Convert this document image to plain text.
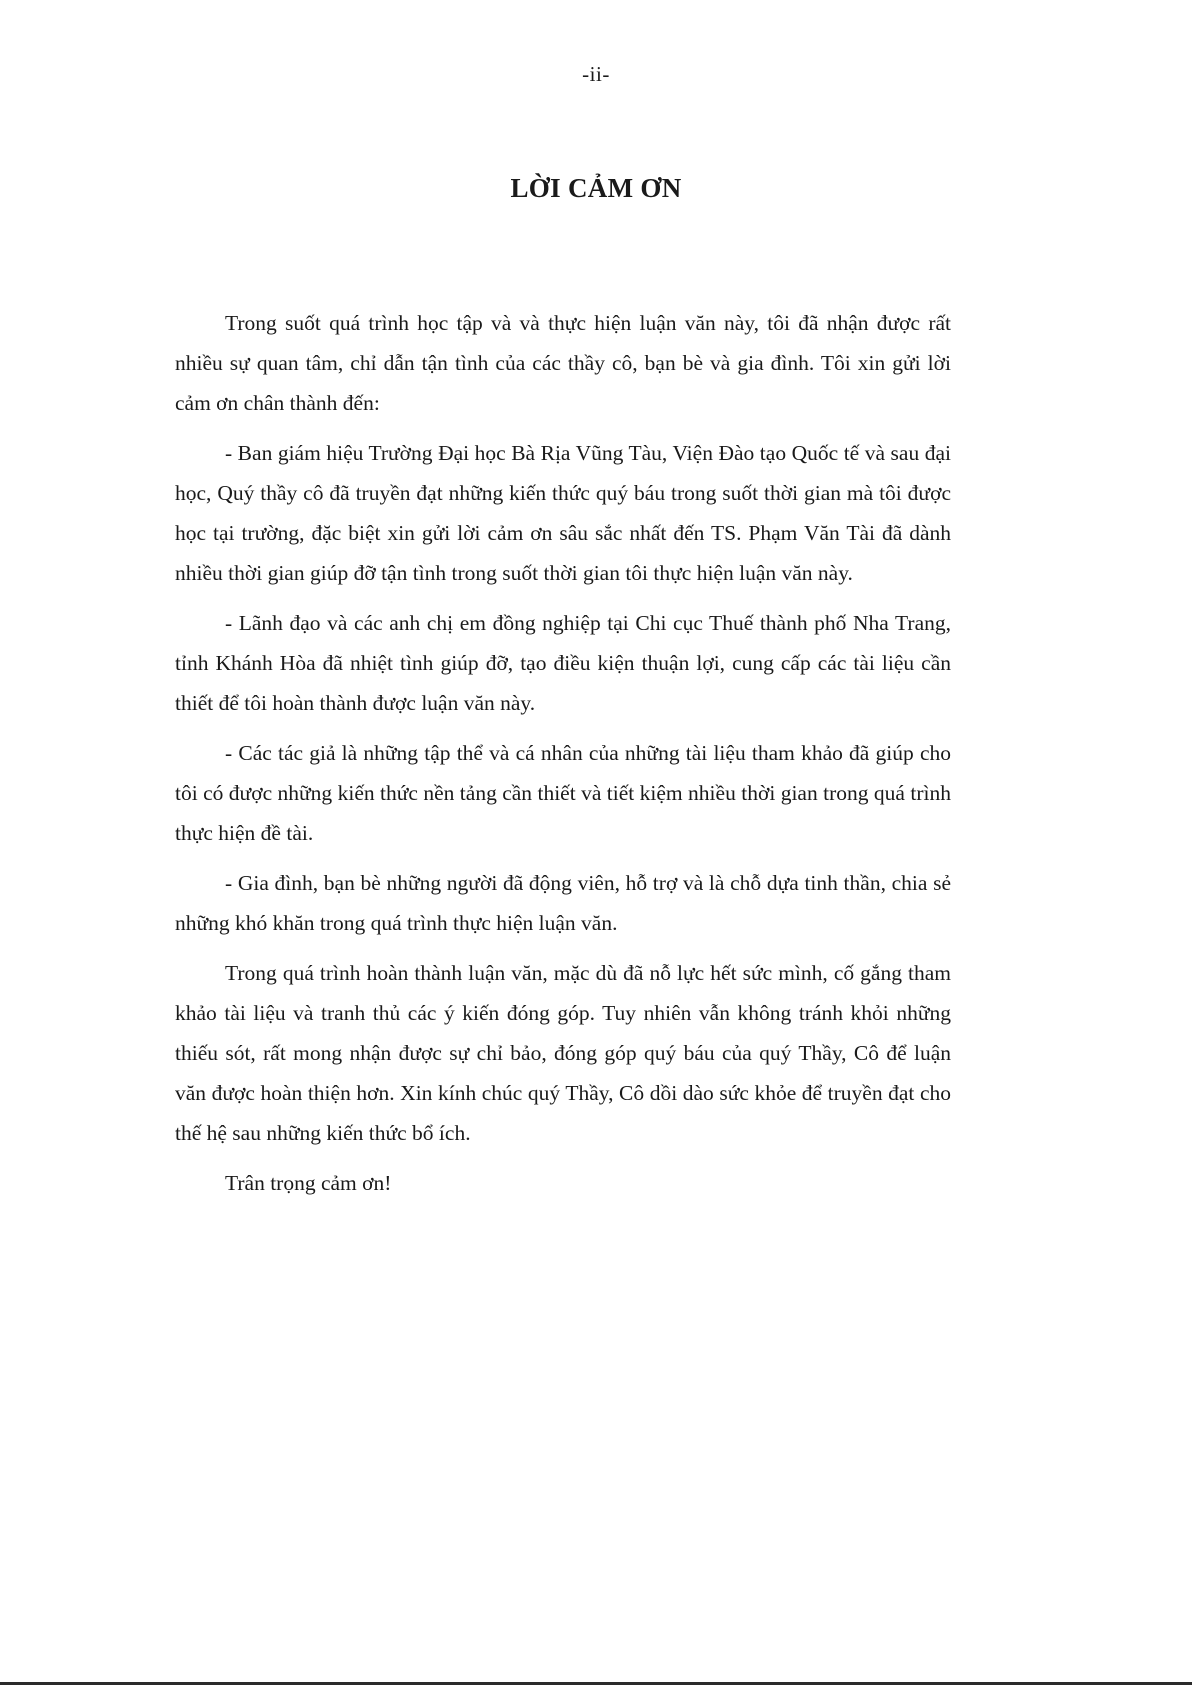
-ii-
LỜI CẢM ƠN

Trong suốt quá trình học tập và và thực hiện luận văn này, tôi đã nhận được rất nhiều sự quan tâm, chỉ dẫn tận tình của các thầy cô, bạn bè và gia đình. Tôi xin gửi lời cảm ơn chân thành đến:

- Ban giám hiệu Trường Đại học Bà Rịa Vũng Tàu, Viện Đào tạo Quốc tế và sau đại học, Quý thầy cô đã truyền đạt những kiến thức quý báu trong suốt thời gian mà tôi được học tại trường, đặc biệt xin gửi lời cảm ơn sâu sắc nhất đến TS. Phạm Văn Tài đã dành nhiều thời gian giúp đỡ tận tình trong suốt thời gian tôi thực hiện luận văn này.

- Lãnh đạo và các anh chị em đồng nghiệp tại Chi cục Thuế thành phố Nha Trang, tỉnh Khánh Hòa đã nhiệt tình giúp đỡ, tạo điều kiện thuận lợi, cung cấp các tài liệu cần thiết để tôi hoàn thành được luận văn này.

- Các tác giả là những tập thể và cá nhân của những tài liệu tham khảo đã giúp cho tôi có được những kiến thức nền tảng cần thiết và tiết kiệm nhiều thời gian trong quá trình thực hiện đề tài.

- Gia đình, bạn bè những người đã động viên, hỗ trợ và là chỗ dựa tinh thần, chia sẻ những khó khăn trong quá trình thực hiện luận văn.

Trong quá trình hoàn thành luận văn, mặc dù đã nỗ lực hết sức mình, cố gắng tham khảo tài liệu và tranh thủ các ý kiến đóng góp. Tuy nhiên vẫn không tránh khỏi những thiếu sót, rất mong nhận được sự chỉ bảo, đóng góp quý báu của quý Thầy, Cô để luận văn được hoàn thiện hơn. Xin kính chúc quý Thầy, Cô dồi dào sức khỏe để truyền đạt cho thế hệ sau những kiến thức bổ ích.

Trân trọng cảm ơn!
